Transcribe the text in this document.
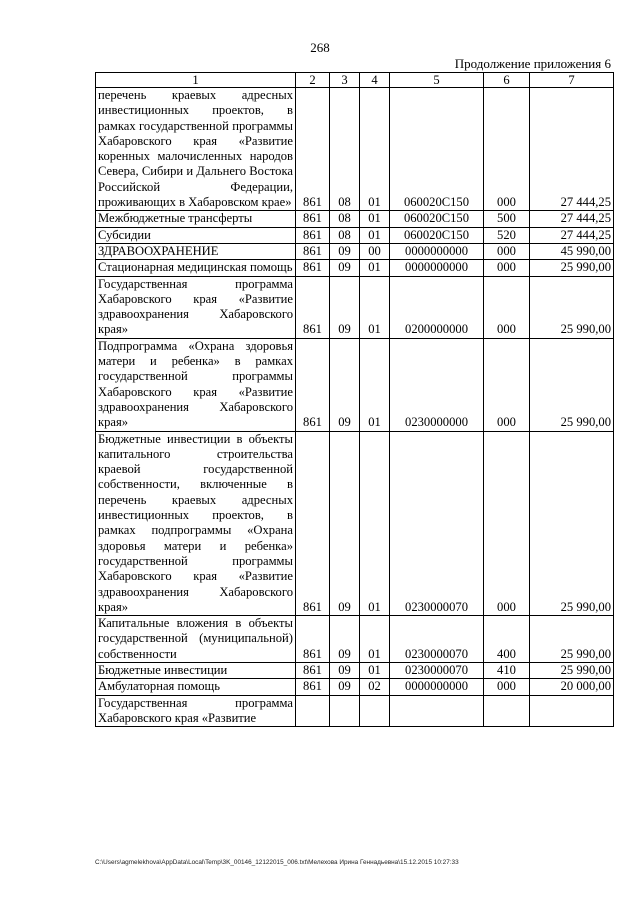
268
Продолжение приложения 6
1	2	3	4	5	6	7
перечень краевых адресных инвестиционных проектов, в рамках государственной программы Хабаровского края «Развитие коренных малочисленных народов Севера, Сибири и Дальнего Востока Российской Федерации, проживающих в Хабаровском крае»	861	08	01	060020С150	000	27 444,25
Межбюджетные трансферты	861	08	01	060020С150	500	27 444,25
Субсидии	861	08	01	060020С150	520	27 444,25
ЗДРАВООХРАНЕНИЕ	861	09	00	0000000000	000	45 990,00
Стационарная медицинская помощь	861	09	01	0000000000	000	25 990,00
Государственная программа Хабаровского края «Развитие здравоохранения Хабаровского края»	861	09	01	0200000000	000	25 990,00
Подпрограмма «Охрана здоровья матери и ребенка» в рамках государственной программы Хабаровского края «Развитие здравоохранения Хабаровского края»	861	09	01	0230000000	000	25 990,00
Бюджетные инвестиции в объекты капитального строительства краевой государственной собственности, включенные в перечень краевых адресных инвестиционных проектов, в рамках подпрограммы «Охрана здоровья матери и ребенка» государственной программы Хабаровского края «Развитие здравоохранения Хабаровского края»	861	09	01	0230000070	000	25 990,00
Капитальные вложения в объекты государственной (муниципальной) собственности	861	09	01	0230000070	400	25 990,00
Бюджетные инвестиции	861	09	01	0230000070	410	25 990,00
Амбулаторная помощь	861	09	02	0000000000	000	20 000,00
Государственная программа Хабаровского края «Развитие						
C:\Users\agmelekhova\AppData\Local\Temp\3K_00146_12122015_006.txt\Мелехова Ирина Геннадьевна\15.12.2015 10:27:33
